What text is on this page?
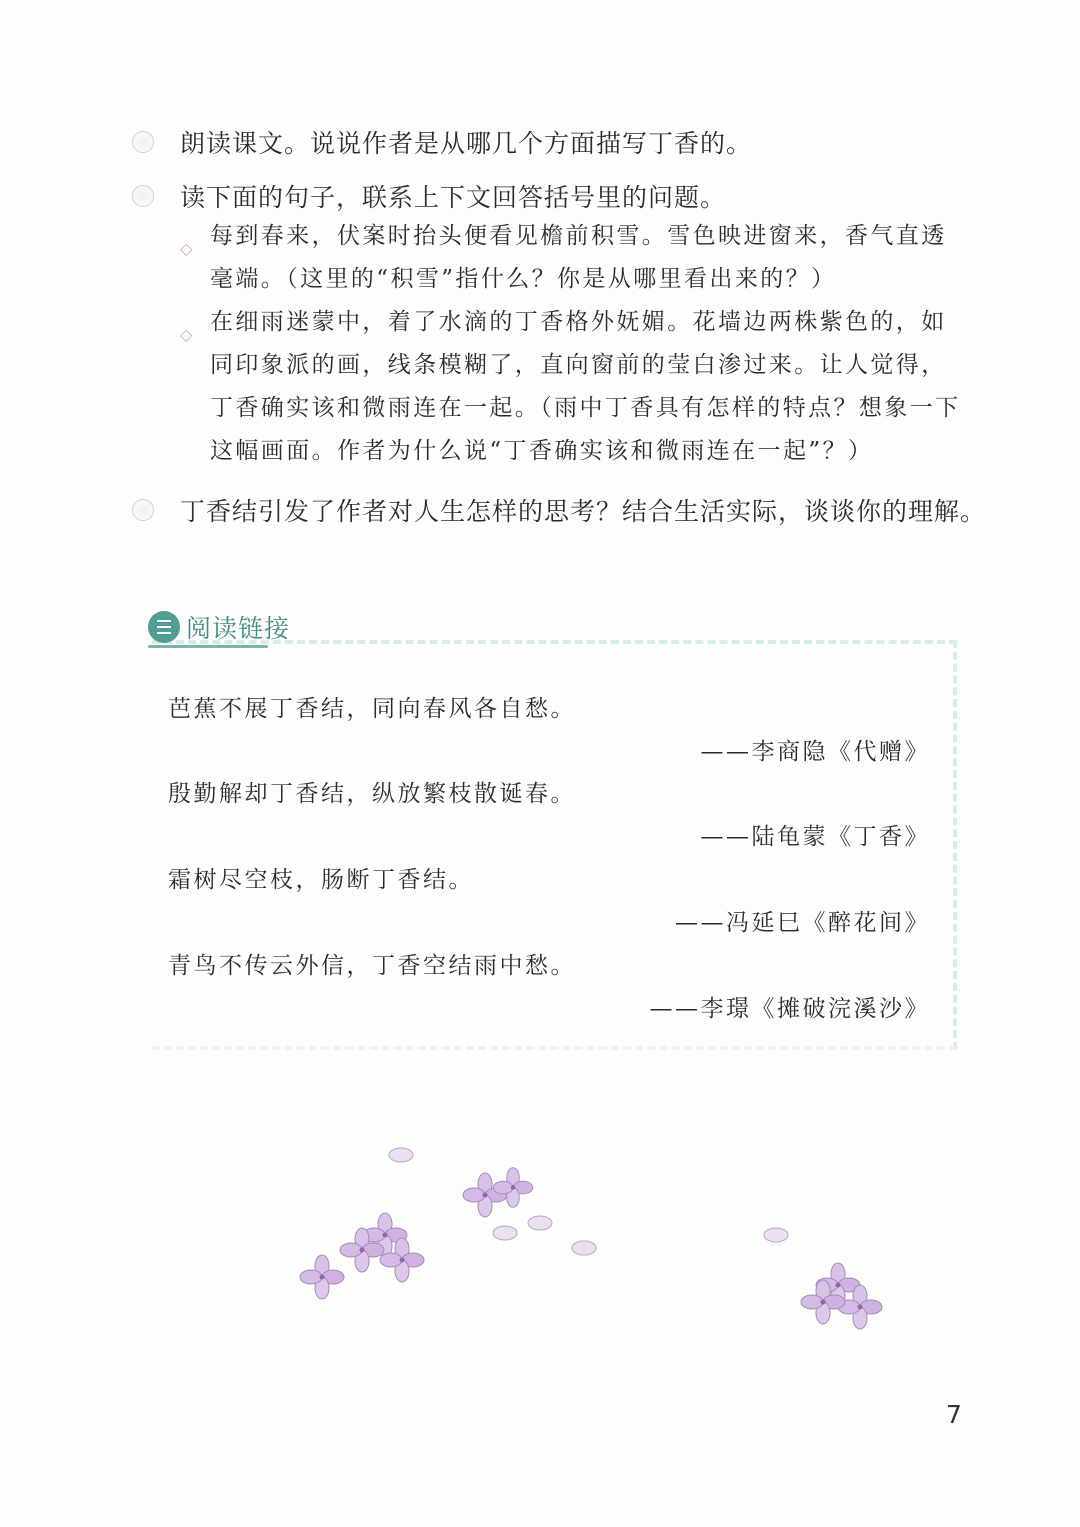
朗读课文。说说作者是从哪几个方面描写丁香的。
读下面的句子，联系上下文回答括号里的问题。
◇ 每到春来，伏案时抬头便看见檐前积雪。雪色映进窗来，香气直透毫端。（这里的“积雪”指什么？你是从哪里看出来的？）
◇ 在细雨迷蒙中，着了水滴的丁香格外妩媚。花墙边两株紫色的，如同印象派的画，线条模糊了，直向窗前的莹白渗过来。让人觉得，丁香确实该和微雨连在一起。（雨中丁香具有怎样的特点？想象一下这幅画面。作者为什么说“丁香确实该和微雨连在一起”？）
丁香结引发了作者对人生怎样的思考？结合生活实际，谈谈你的理解。
阅读链接
芭蕉不展丁香结，同向春风各自愁。
——李商隐《代赠》
殷勤解却丁香结，纵放繁枝散诞春。
——陆龟蒙《丁香》
霜树尽空枝，肠断丁香结。
——冯延巳《醉花间》
青鸟不传云外信，丁香空结雨中愁。
——李璟《摊破浣溪沙》
7
